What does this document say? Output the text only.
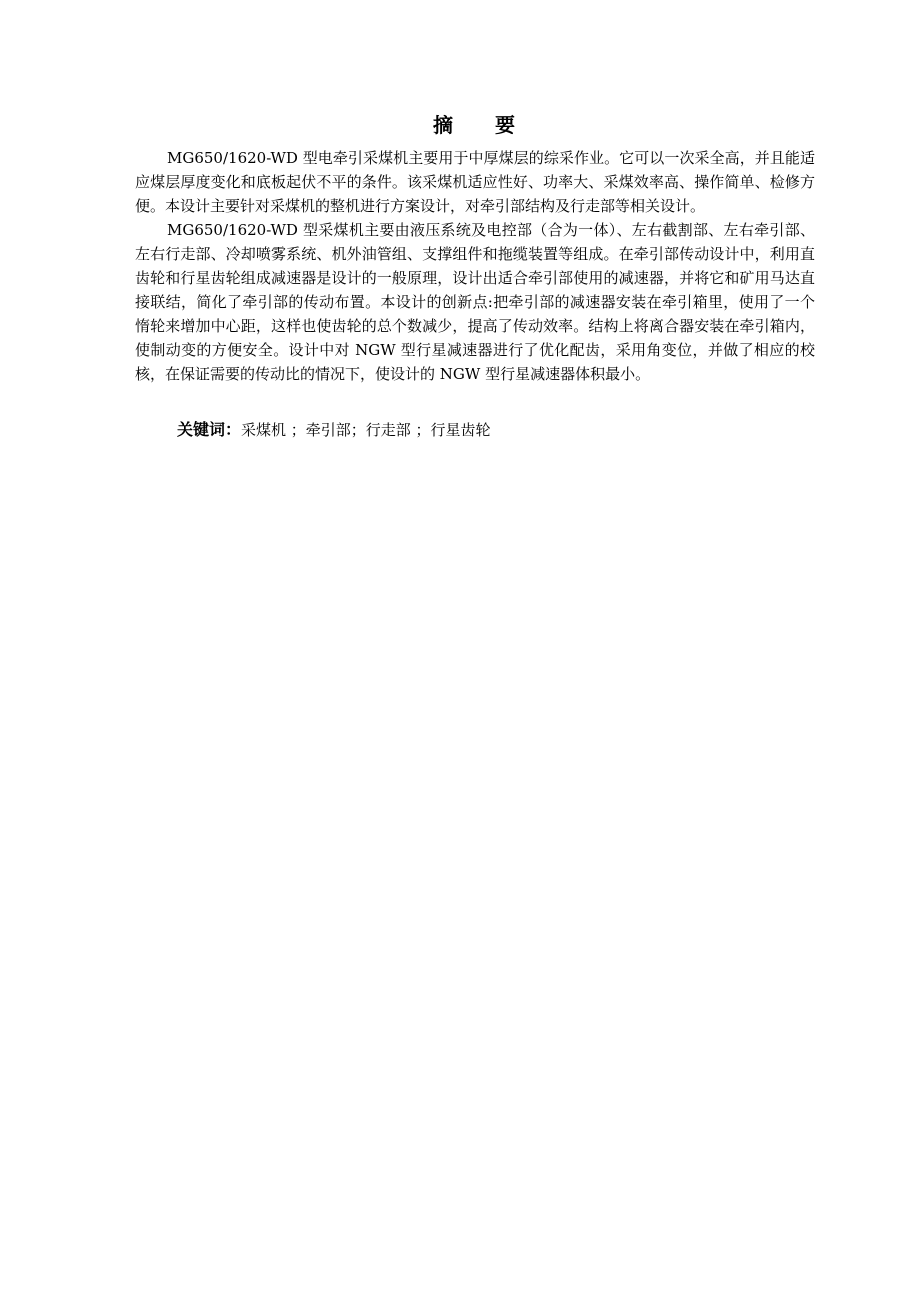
摘 要

MG650/1620-WD 型电牵引采煤机主要用于中厚煤层的综采作业。它可以一次采全高，并且能适应煤层厚度变化和底板起伏不平的条件。该采煤机适应性好、功率大、采煤效率高、操作简单、检修方便。本设计主要针对采煤机的整机进行方案设计，对牵引部结构及行走部等相关设计。

MG650/1620-WD 型采煤机主要由液压系统及电控部（合为一体）、左右截割部、左右牵引部、左右行走部、冷却喷雾系统、机外油管组、支撑组件和拖缆装置等组成。在牵引部传动设计中，利用直齿轮和行星齿轮组成减速器是设计的一般原理，设计出适合牵引部使用的减速器，并将它和矿用马达直接联结，简化了牵引部的传动布置。本设计的创新点:把牵引部的减速器安装在牵引箱里，使用了一个惰轮来增加中心距，这样也使齿轮的总个数减少，提高了传动效率。结构上将离合器安装在牵引箱内，使制动变的方便安全。设计中对 NGW 型行星减速器进行了优化配齿，采用角变位，并做了相应的校核，在保证需要的传动比的情况下，使设计的 NGW 型行星减速器体积最小。

关键词：采煤机 ；牵引部；行走部 ；行星齿轮
